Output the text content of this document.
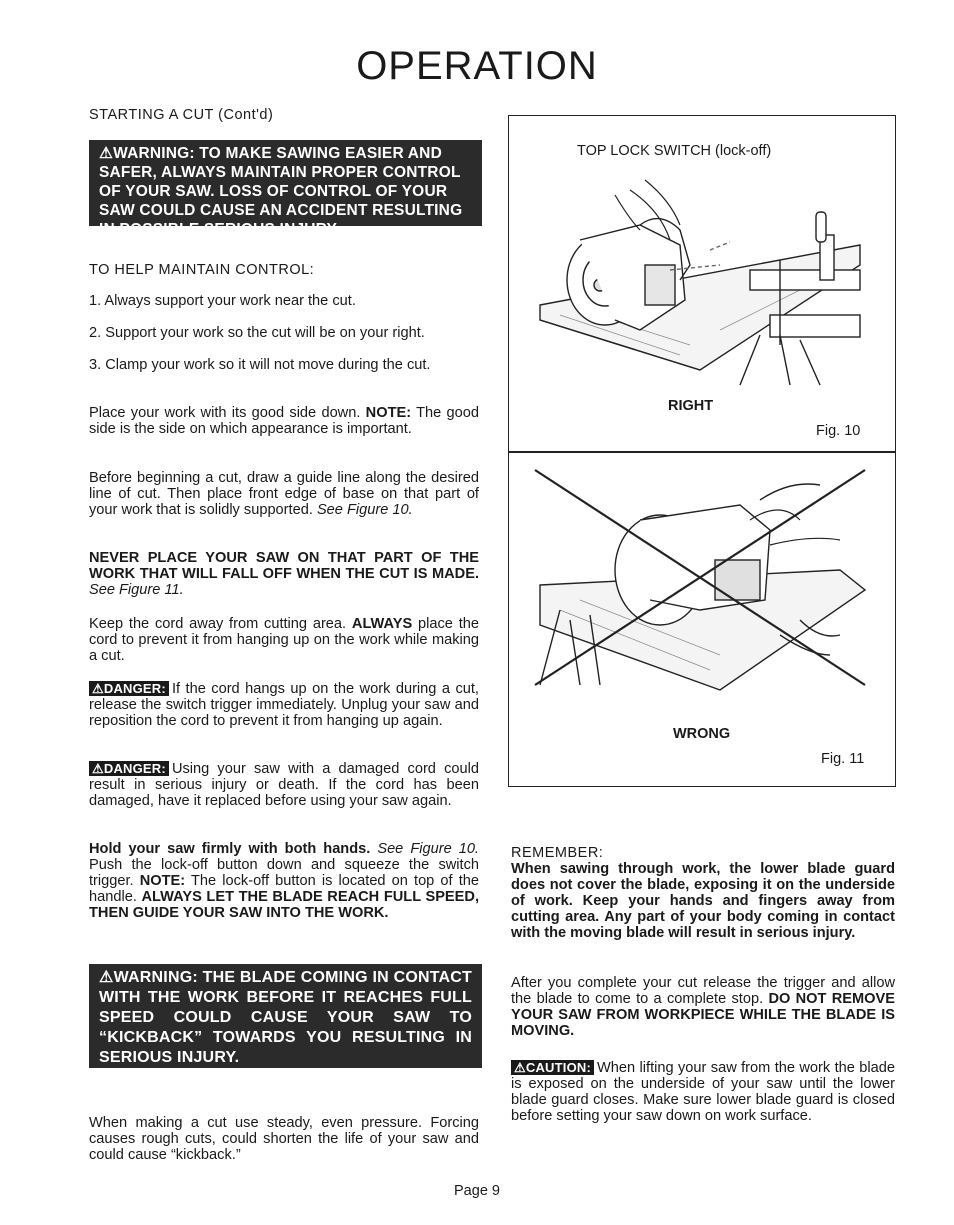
OPERATION
STARTING A CUT (Cont'd)
⚠WARNING: TO MAKE SAWING EASIER AND SAFER, ALWAYS MAINTAIN PROPER CONTROL OF YOUR SAW. LOSS OF CONTROL OF YOUR SAW COULD CAUSE AN ACCIDENT RESULTING IN POSSIBLE SERIOUS INJURY.
TO HELP MAINTAIN CONTROL:
1. Always support your work near the cut.
2. Support your work so the cut will be on your right.
3. Clamp your work so it will not move during the cut.
Place your work with its good side down. NOTE: The good side is the side on which appearance is important.
Before beginning a cut, draw a guide line along the desired line of cut. Then place front edge of base on that part of your work that is solidly supported. See Figure 10.
NEVER PLACE YOUR SAW ON THAT PART OF THE WORK THAT WILL FALL OFF WHEN THE CUT IS MADE. See Figure 11.
Keep the cord away from cutting area. ALWAYS place the cord to prevent it from hanging up on the work while making a cut.
⚠DANGER: If the cord hangs up on the work during a cut, release the switch trigger immediately. Unplug your saw and reposition the cord to prevent it from hanging up again.
⚠DANGER: Using your saw with a damaged cord could result in serious injury or death. If the cord has been damaged, have it replaced before using your saw again.
Hold your saw firmly with both hands. See Figure 10. Push the lock-off button down and squeeze the switch trigger. NOTE: The lock-off button is located on top of the handle. ALWAYS LET THE BLADE REACH FULL SPEED, THEN GUIDE YOUR SAW INTO THE WORK.
⚠WARNING: THE BLADE COMING IN CONTACT WITH THE WORK BEFORE IT REACHES FULL SPEED COULD CAUSE YOUR SAW TO “KICKBACK” TOWARDS YOU RESULTING IN SERIOUS INJURY.
When making a cut use steady, even pressure. Forcing causes rough cuts, could shorten the life of your saw and could cause “kickback.”
TOP LOCK SWITCH (lock-off)
RIGHT
Fig. 10
WRONG
Fig. 11
REMEMBER:
When sawing through work, the lower blade guard does not cover the blade, exposing it on the underside of work. Keep your hands and fingers away from cutting area. Any part of your body coming in contact with the moving blade will result in serious injury.
After you complete your cut release the trigger and allow the blade to come to a complete stop. DO NOT REMOVE YOUR SAW FROM WORKPIECE WHILE THE BLADE IS MOVING.
⚠CAUTION: When lifting your saw from the work the blade is exposed on the underside of your saw until the lower blade guard closes. Make sure lower blade guard is closed before setting your saw down on work surface.
Page 9
